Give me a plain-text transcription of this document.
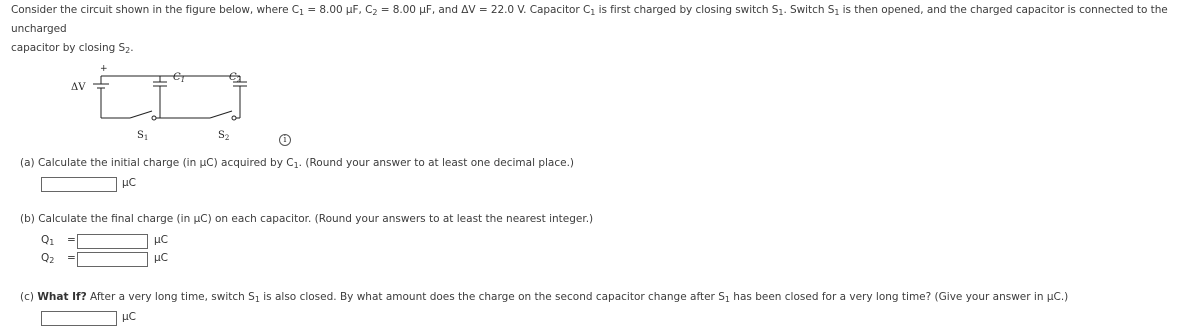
Consider the circuit shown in the figure below, where $C_1 = 8.00$ μF, $C_2 = 8.00$ μF, and ΔV = 22.0 V. Capacitor $C_1$ is first charged by closing switch $S_1$. Switch $S_1$ is then opened, and the charged capacitor is connected to the uncharged
capacitor by closing $S_2$.
+
ΔV
$C_1$	$C_2$
$S_1$	$S_2$	i
(a) Calculate the initial charge (in μC) acquired by $C_1$. (Round your answer to at least one decimal place.)
μC
(b) Calculate the final charge (in μC) on each capacitor. (Round your answers to at least the nearest integer.)
$Q_1$ =	μC
$Q_2$ =	μC
(c) What If? After a very long time, switch $S_1$ is also closed. By what amount does the charge on the second capacitor change after $S_1$ has been closed for a very long time? (Give your answer in μC.)
μC
